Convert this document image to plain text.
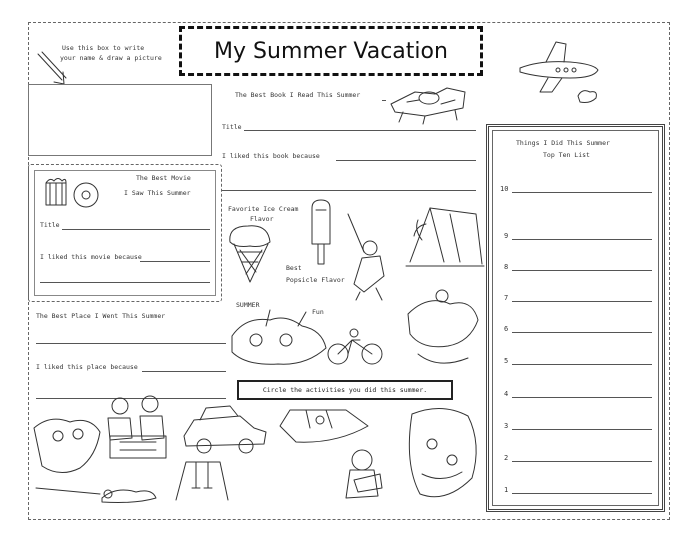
My Summer Vacation
Use this box to write
your name & draw a picture
The Best Book I Read This Summer
Title
I liked this book because
The Best Movie
I Saw This Summer
Title
I liked this movie because
The Best Place I Went This Summer
I liked this place because
Favorite Ice Cream
Flavor
Best
Popsicle Flavor
SUMMER
Fun
Circle the activities you did this summer.
Things I Did This Summer
Top Ten List
10
9
8
7
6
5
4
3
2
1
